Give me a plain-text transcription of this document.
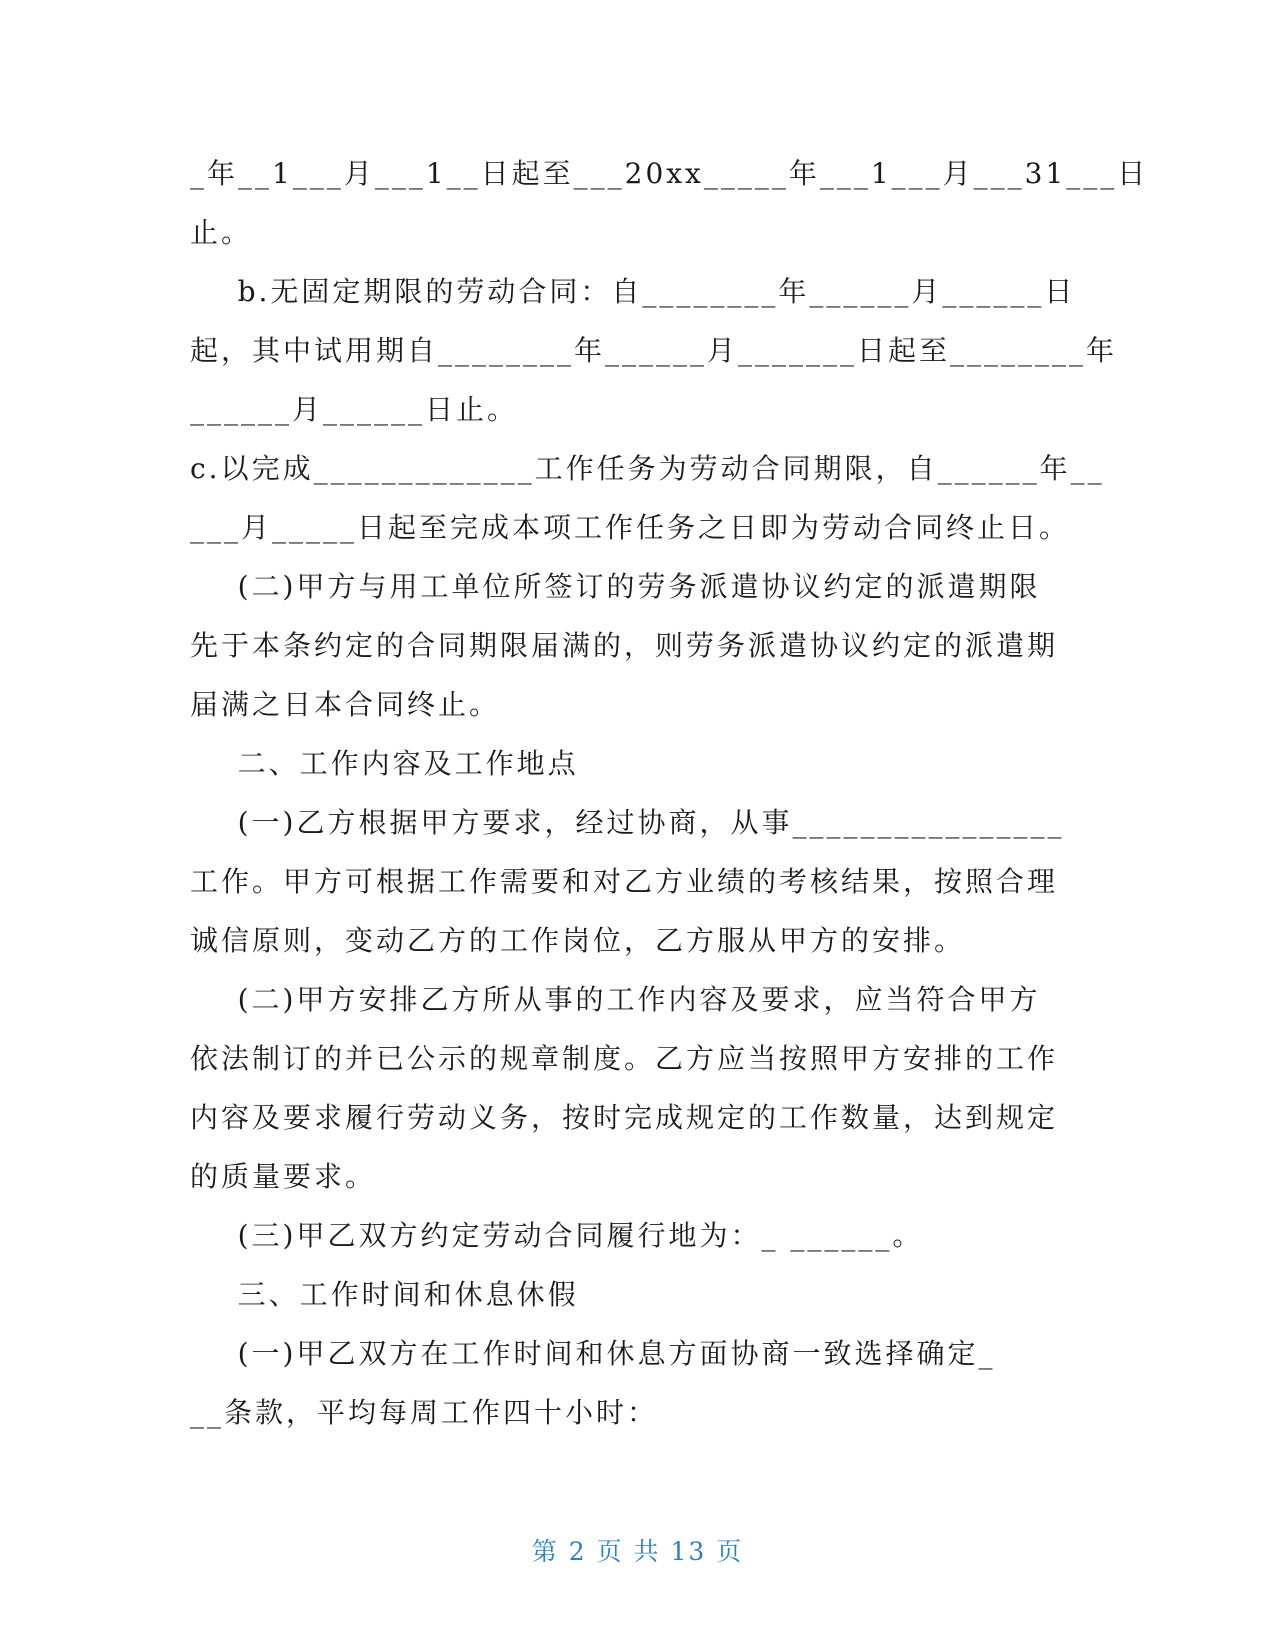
_年__1___月___1__日起至___20xx_____年___1___月___31___日
止。
b.无固定期限的劳动合同：自________年______月______日
起，其中试用期自________年______月_______日起至________年
______月______日止。
c.以完成_____________工作任务为劳动合同期限，自______年__
___月_____日起至完成本项工作任务之日即为劳动合同终止日。
(二)甲方与用工单位所签订的劳务派遣协议约定的派遣期限
先于本条约定的合同期限届满的，则劳务派遣协议约定的派遣期
届满之日本合同终止。
二、工作内容及工作地点
(一)乙方根据甲方要求，经过协商，从事________________
工作。甲方可根据工作需要和对乙方业绩的考核结果，按照合理
诚信原则，变动乙方的工作岗位，乙方服从甲方的安排。
(二)甲方安排乙方所从事的工作内容及要求，应当符合甲方
依法制订的并已公示的规章制度。乙方应当按照甲方安排的工作
内容及要求履行劳动义务，按时完成规定的工作数量，达到规定
的质量要求。
(三)甲乙双方约定劳动合同履行地为：_ ______。
三、工作时间和休息休假
(一)甲乙双方在工作时间和休息方面协商一致选择确定_
__条款，平均每周工作四十小时：
第 2 页 共 13 页
